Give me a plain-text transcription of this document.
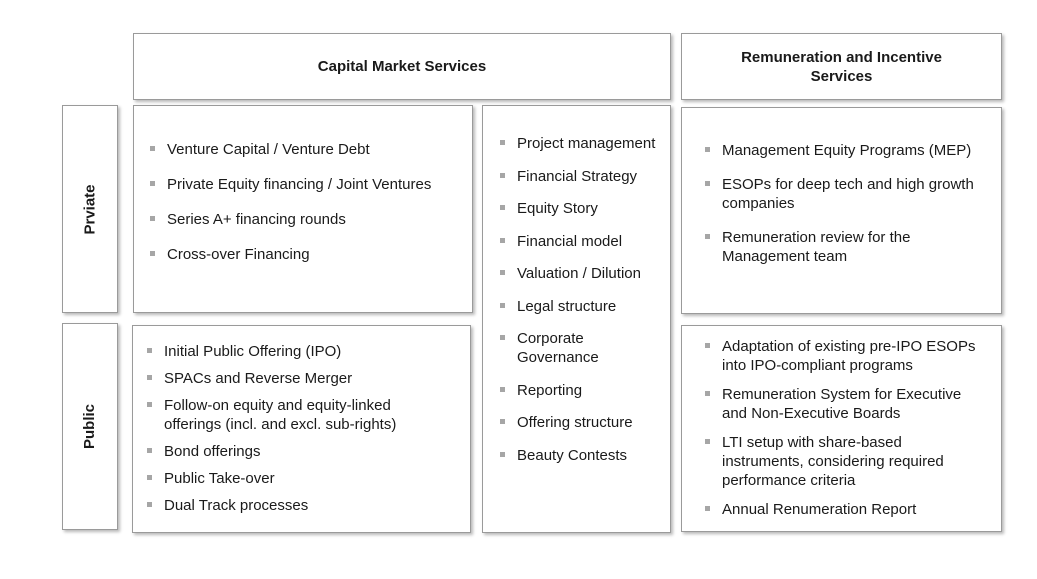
Capital Market Services
Remuneration and Incentive Services
Prviate
Public
Venture Capital / Venture Debt
Private Equity financing / Joint Ventures
Series A+ financing rounds
Cross-over Financing
Initial Public Offering (IPO)
SPACs and Reverse Merger
Follow-on equity and equity-linked offerings (incl. and excl. sub-rights)
Bond offerings
Public Take-over
Dual Track processes
Project management
Financial Strategy
Equity Story
Financial model
Valuation / Dilution
Legal structure
Corporate Governance
Reporting
Offering structure
Beauty Contests
Management Equity Programs (MEP)
ESOPs for deep tech and high growth companies
Remuneration review for the Management team
Adaptation of existing pre-IPO ESOPs into IPO-compliant programs
Remuneration System for Executive and Non-Executive Boards
LTI setup with share-based instruments, considering required performance criteria
Annual Renumeration Report
